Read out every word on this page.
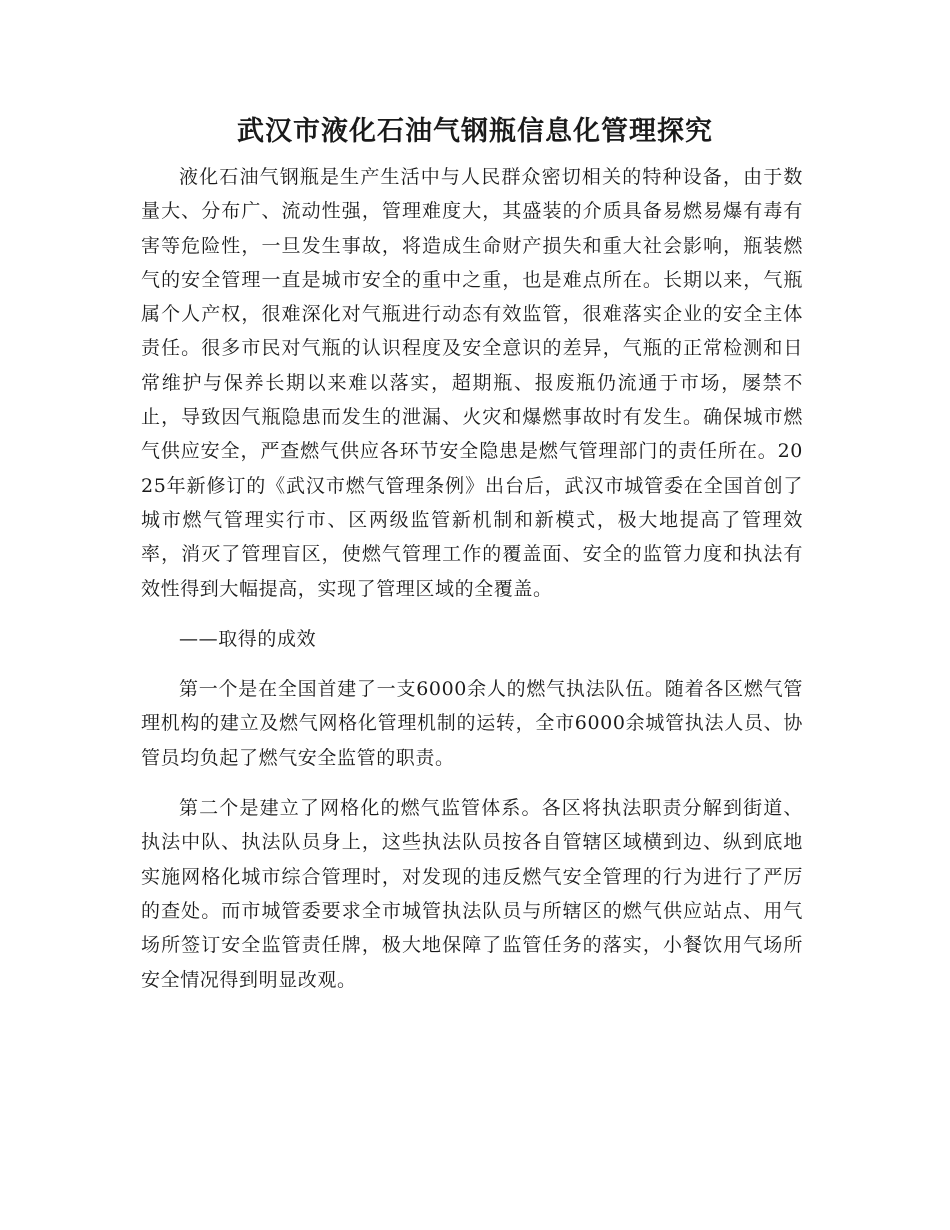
武汉市液化石油气钢瓶信息化管理探究

液化石油气钢瓶是生产生活中与人民群众密切相关的特种设备，由于数量大、分布广、流动性强，管理难度大，其盛装的介质具备易燃易爆有毒有害等危险性，一旦发生事故，将造成生命财产损失和重大社会影响，瓶装燃气的安全管理一直是城市安全的重中之重，也是难点所在。长期以来，气瓶属个人产权，很难深化对气瓶进行动态有效监管，很难落实企业的安全主体责任。很多市民对气瓶的认识程度及安全意识的差异，气瓶的正常检测和日常维护与保养长期以来难以落实，超期瓶、报废瓶仍流通于市场，屡禁不止，导致因气瓶隐患而发生的泄漏、火灾和爆燃事故时有发生。确保城市燃气供应安全，严查燃气供应各环节安全隐患是燃气管理部门的责任所在。2025年新修订的《武汉市燃气管理条例》出台后，武汉市城管委在全国首创了城市燃气管理实行市、区两级监管新机制和新模式，极大地提高了管理效率，消灭了管理盲区，使燃气管理工作的覆盖面、安全的监管力度和执法有效性得到大幅提高，实现了管理区域的全覆盖。

——取得的成效

第一个是在全国首建了一支6000余人的燃气执法队伍。随着各区燃气管理机构的建立及燃气网格化管理机制的运转，全市6000余城管执法人员、协管员均负起了燃气安全监管的职责。

第二个是建立了网格化的燃气监管体系。各区将执法职责分解到街道、执法中队、执法队员身上，这些执法队员按各自管辖区域横到边、纵到底地实施网格化城市综合管理时，对发现的违反燃气安全管理的行为进行了严厉的查处。而市城管委要求全市城管执法队员与所辖区的燃气供应站点、用气场所签订安全监管责任牌，极大地保障了监管任务的落实，小餐饮用气场所安全情况得到明显改观。
